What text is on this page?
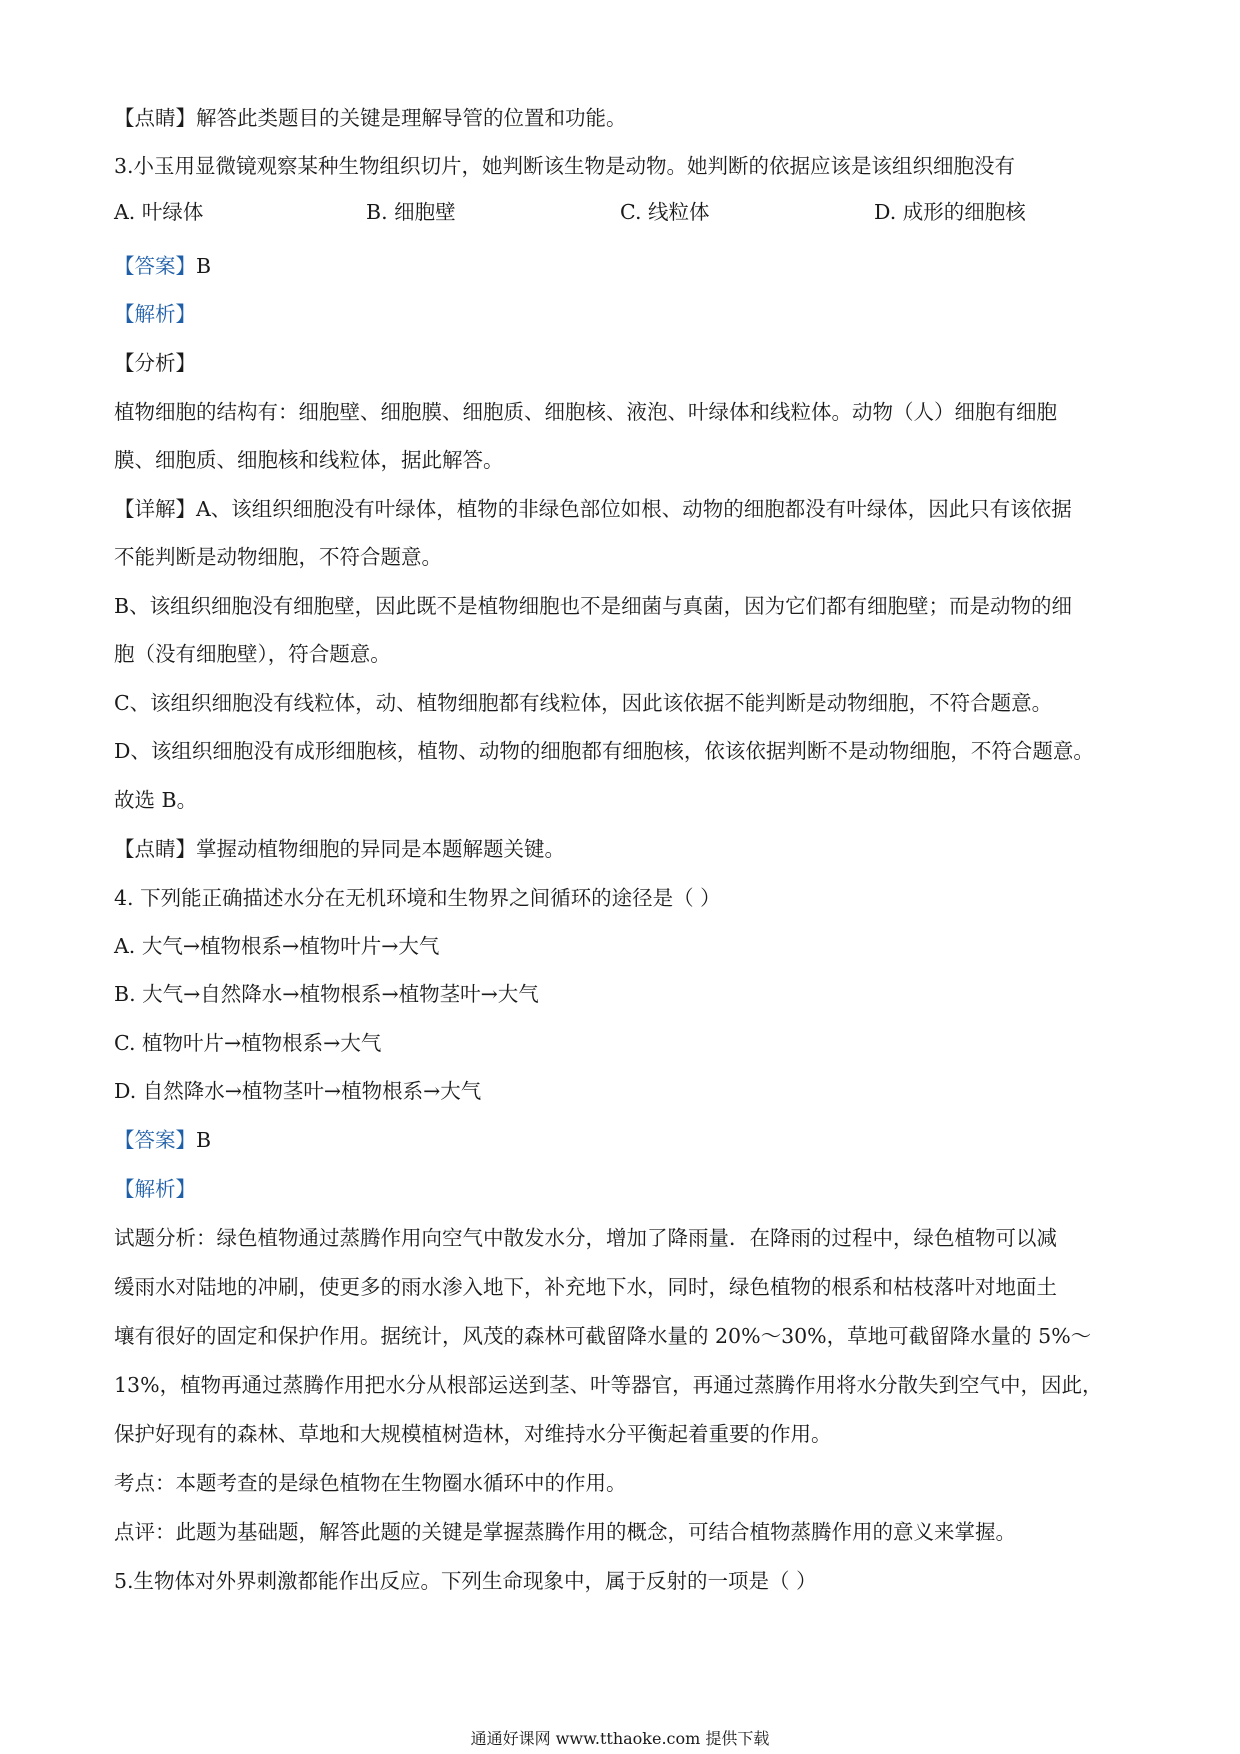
【点睛】解答此类题目的关键是理解导管的位置和功能。
3.小玉用显微镜观察某种生物组织切片，她判断该生物是动物。她判断的依据应该是该组织细胞没有
A. 叶绿体	B. 细胞壁	C. 线粒体	D. 成形的细胞核
【答案】B
【解析】
【分析】
植物细胞的结构有：细胞壁、细胞膜、细胞质、细胞核、液泡、叶绿体和线粒体。动物（人）细胞有细胞
膜、细胞质、细胞核和线粒体，据此解答。
【详解】A、该组织细胞没有叶绿体，植物的非绿色部位如根、动物的细胞都没有叶绿体，因此只有该依据
不能判断是动物细胞，不符合题意。
B、该组织细胞没有细胞壁，因此既不是植物细胞也不是细菌与真菌，因为它们都有细胞壁；而是动物的细
胞（没有细胞壁），符合题意。
C、该组织细胞没有线粒体，动、植物细胞都有线粒体，因此该依据不能判断是动物细胞，不符合题意。
D、该组织细胞没有成形细胞核，植物、动物的细胞都有细胞核，依该依据判断不是动物细胞，不符合题意。
故选 B。
【点睛】掌握动植物细胞的异同是本题解题关键。
4. 下列能正确描述水分在无机环境和生物界之间循环的途径是（ ）
A. 大气→植物根系→植物叶片→大气
B. 大气→自然降水→植物根系→植物茎叶→大气
C. 植物叶片→植物根系→大气
D. 自然降水→植物茎叶→植物根系→大气
【答案】B
【解析】
试题分析：绿色植物通过蒸腾作用向空气中散发水分，增加了降雨量．在降雨的过程中，绿色植物可以减
缓雨水对陆地的冲刷，使更多的雨水渗入地下，补充地下水，同时，绿色植物的根系和枯枝落叶对地面土
壤有很好的固定和保护作用。据统计，风茂的森林可截留降水量的 20%～30%，草地可截留降水量的 5%～
13%，植物再通过蒸腾作用把水分从根部运送到茎、叶等器官，再通过蒸腾作用将水分散失到空气中，因此，
保护好现有的森林、草地和大规模植树造林，对维持水分平衡起着重要的作用。
考点：本题考查的是绿色植物在生物圈水循环中的作用。
点评：此题为基础题，解答此题的关键是掌握蒸腾作用的概念，可结合植物蒸腾作用的意义来掌握。
5.生物体对外界刺激都能作出反应。下列生命现象中，属于反射的一项是（ ）
通通好课网 www.tthaoke.com 提供下载
